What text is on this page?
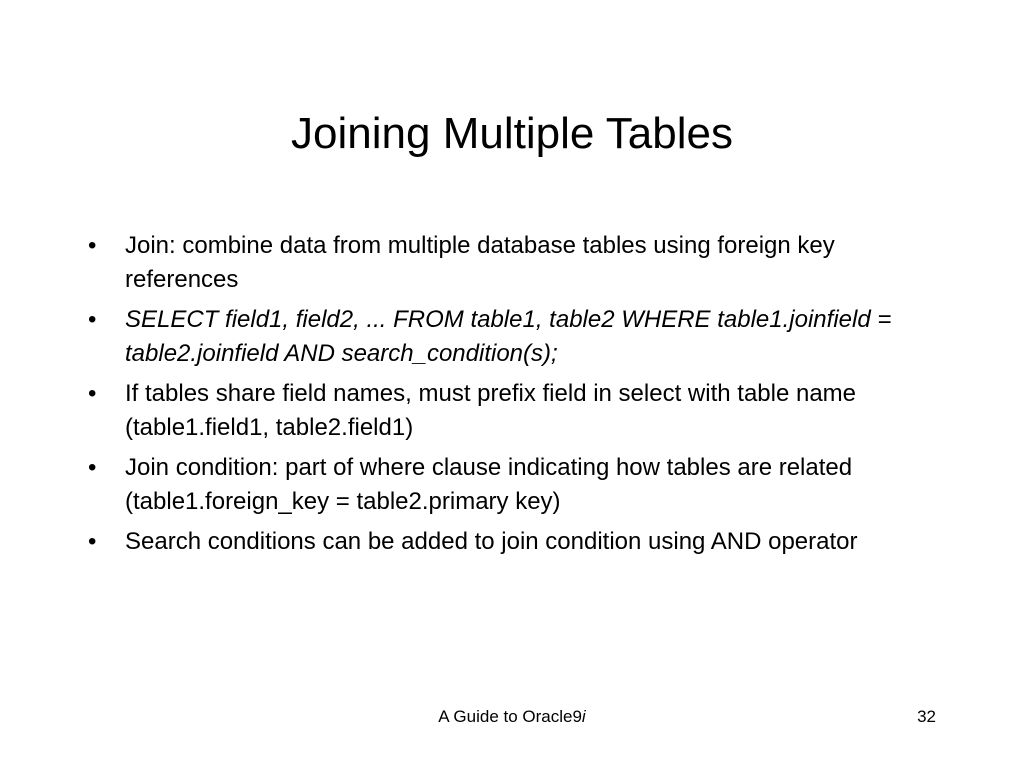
Joining Multiple Tables
•	Join: combine data from multiple database tables using foreign key references
•	SELECT field1, field2, ... FROM table1, table2 WHERE table1.joinfield = table2.joinfield AND search_condition(s);
•	If tables share field names, must prefix field in select with table name (table1.field1, table2.field1)
•	Join condition: part of where clause indicating how tables are related (table1.foreign_key = table2.primary key)
•	Search conditions can be added to join condition using AND operator
A Guide to Oracle9i	32
